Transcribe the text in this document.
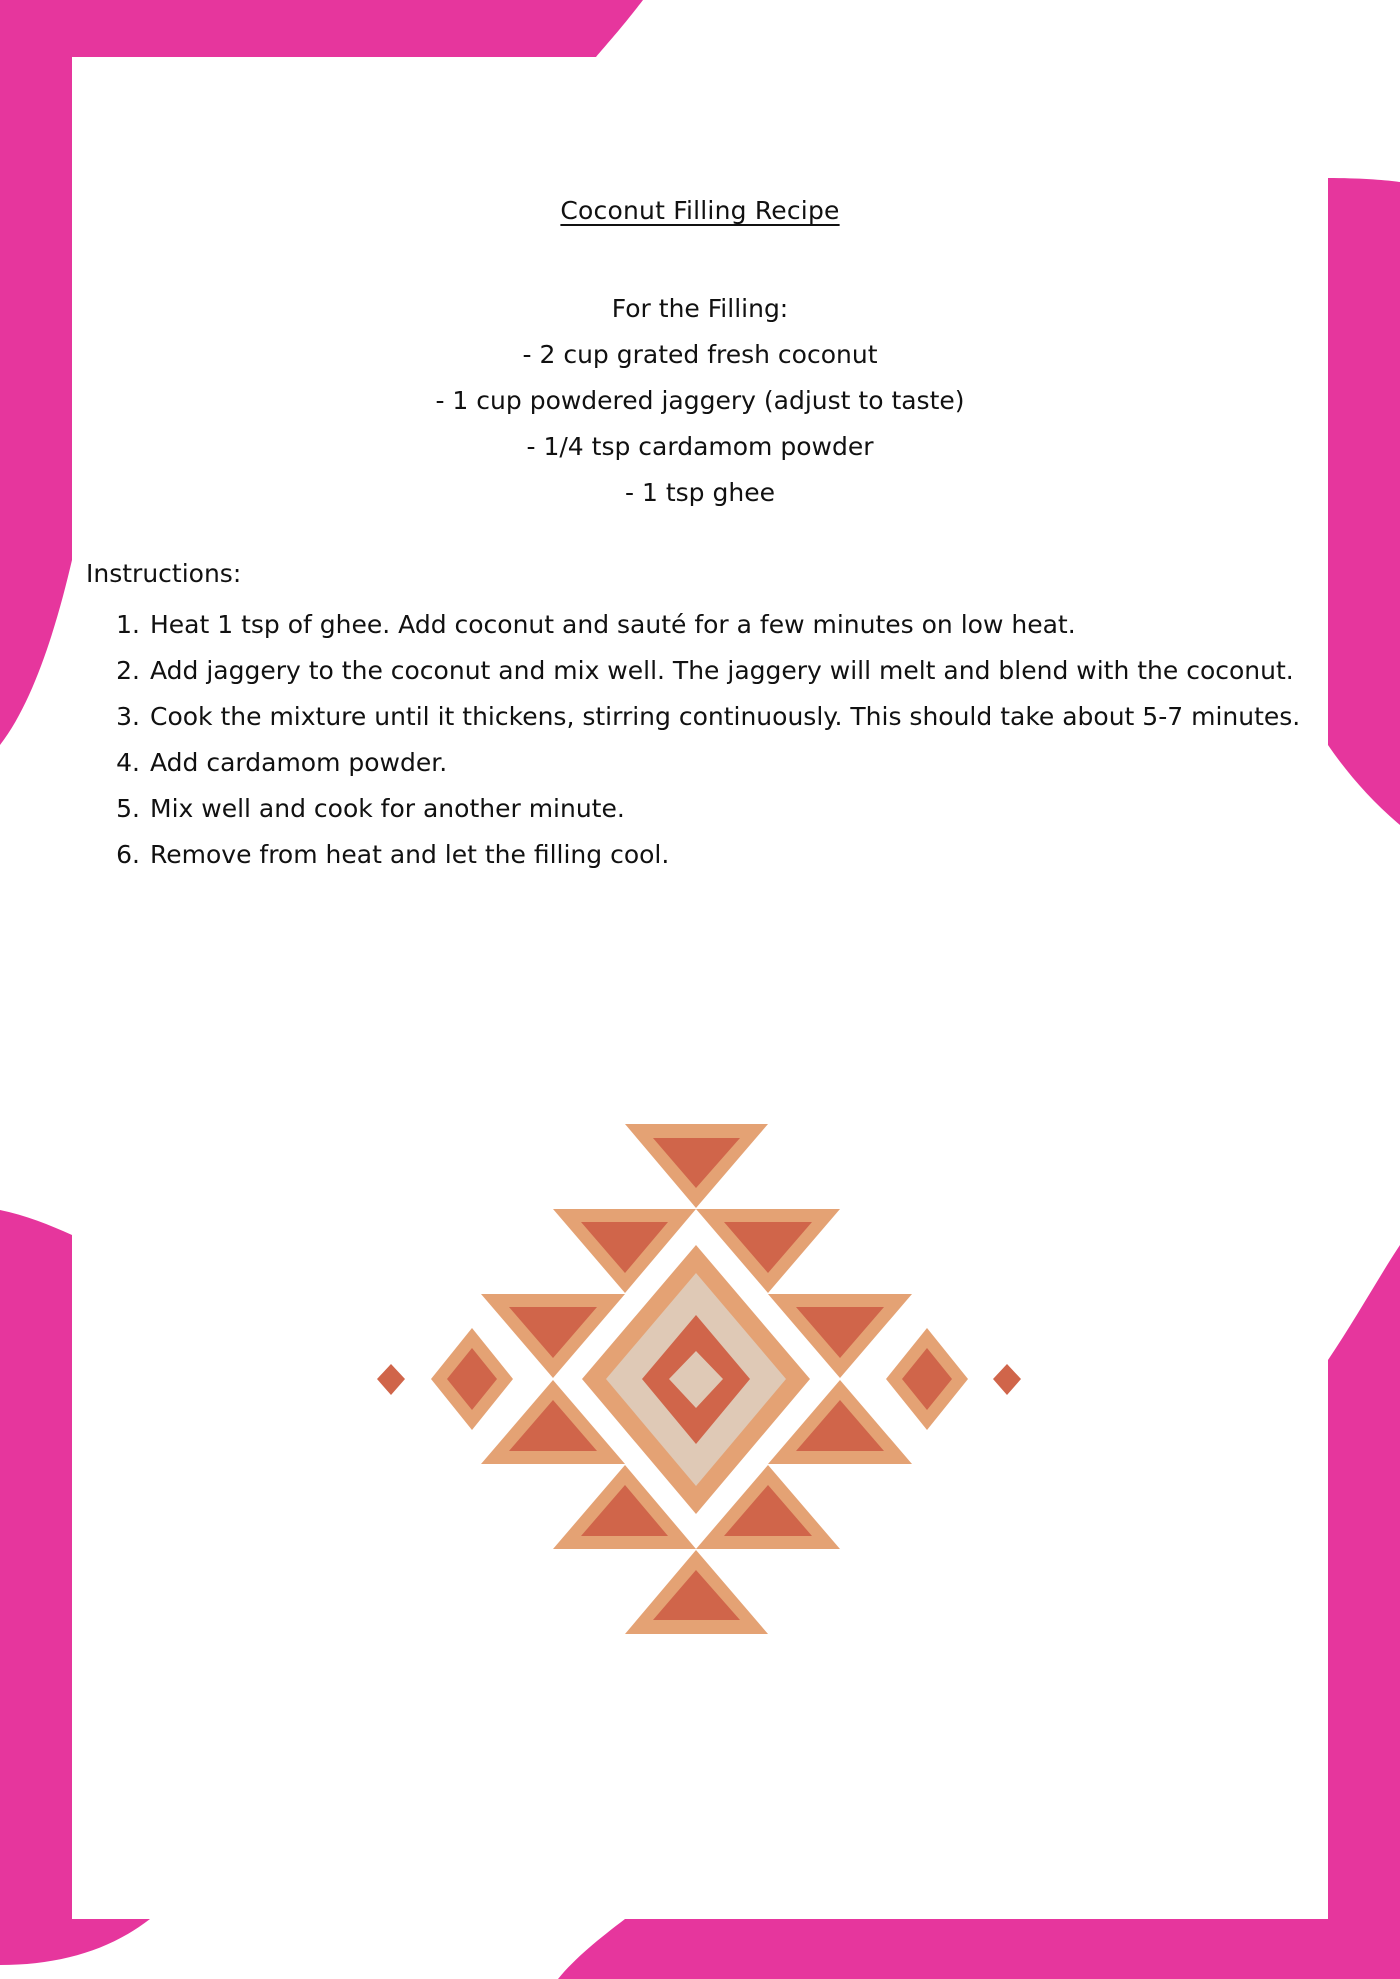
Coconut Filling Recipe
For the Filling:
- 2 cup grated fresh coconut
- 1 cup powdered jaggery (adjust to taste)
- 1/4 tsp cardamom powder
- 1 tsp ghee
Instructions:
1. Heat 1 tsp of ghee. Add coconut and sauté for a few minutes on low heat.
2. Add jaggery to the coconut and mix well. The jaggery will melt and blend with the coconut.
3. Cook the mixture until it thickens, stirring continuously. This should take about 5-7 minutes.
4. Add cardamom powder.
5. Mix well and cook for another minute.
6. Remove from heat and let the filling cool.
